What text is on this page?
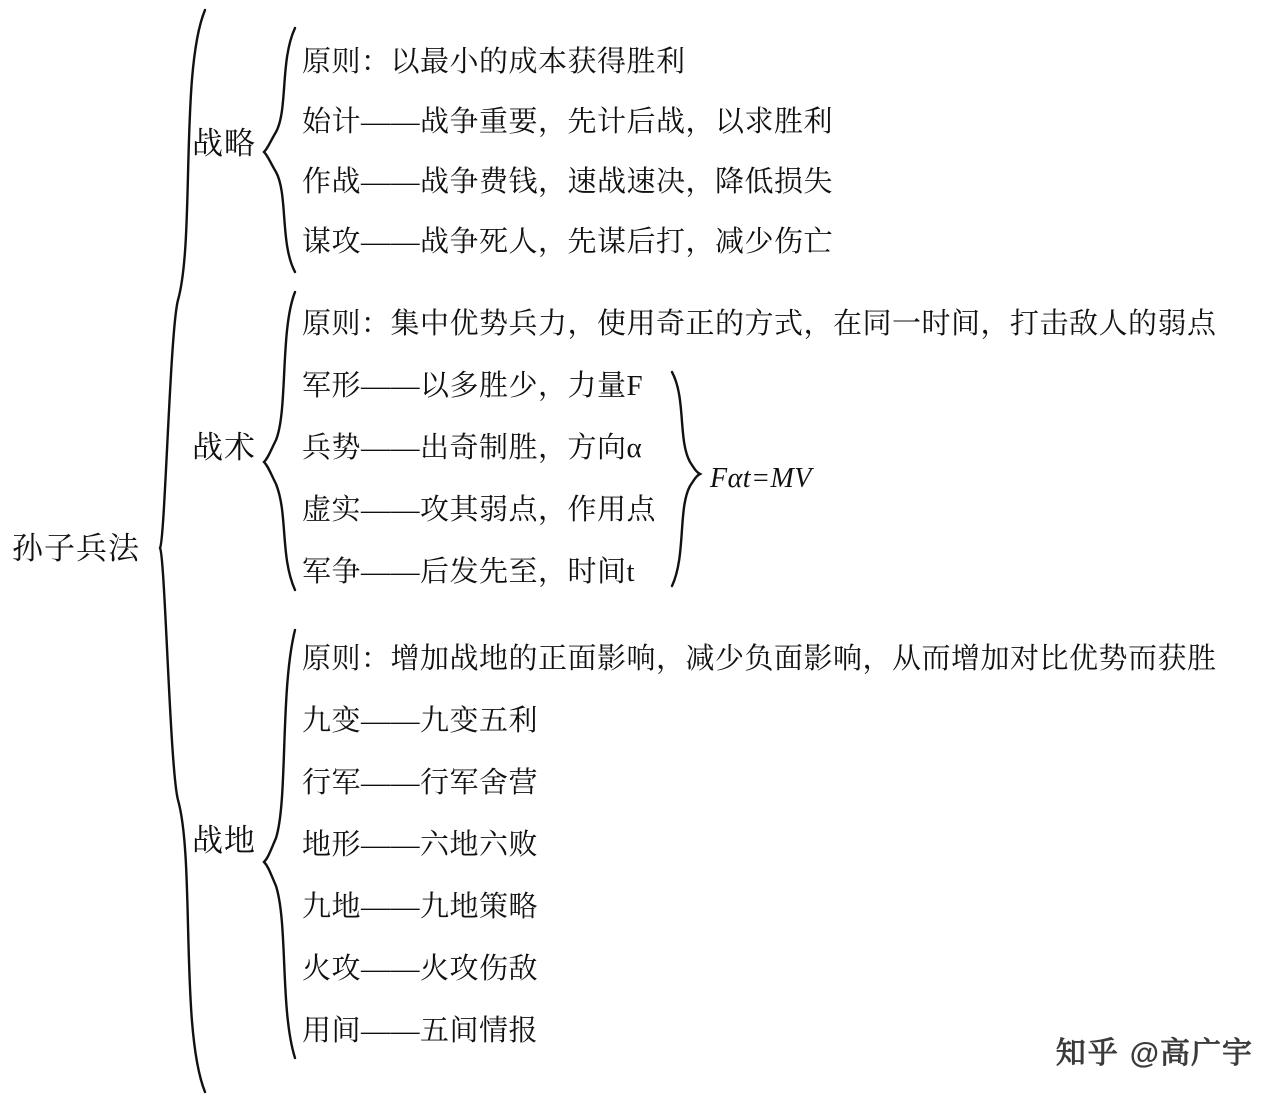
孙子兵法
战略
战术
战地
原则：以最小的成本获得胜利
始计——战争重要，先计后战，以求胜利
作战——战争费钱，速战速决，降低损失
谋攻——战争死人，先谋后打，减少伤亡
原则：集中优势兵力，使用奇正的方式，在同一时间，打击敌人的弱点
军形——以多胜少，力量F
兵势——出奇制胜，方向α
虚实——攻其弱点，作用点
军争——后发先至，时间t
Fαt=MV
原则：增加战地的正面影响，减少负面影响，从而增加对比优势而获胜
九变——九变五利
行军——行军舍营
地形——六地六败
九地——九地策略
火攻——火攻伤敌
用间——五间情报
知乎 @高广宇
